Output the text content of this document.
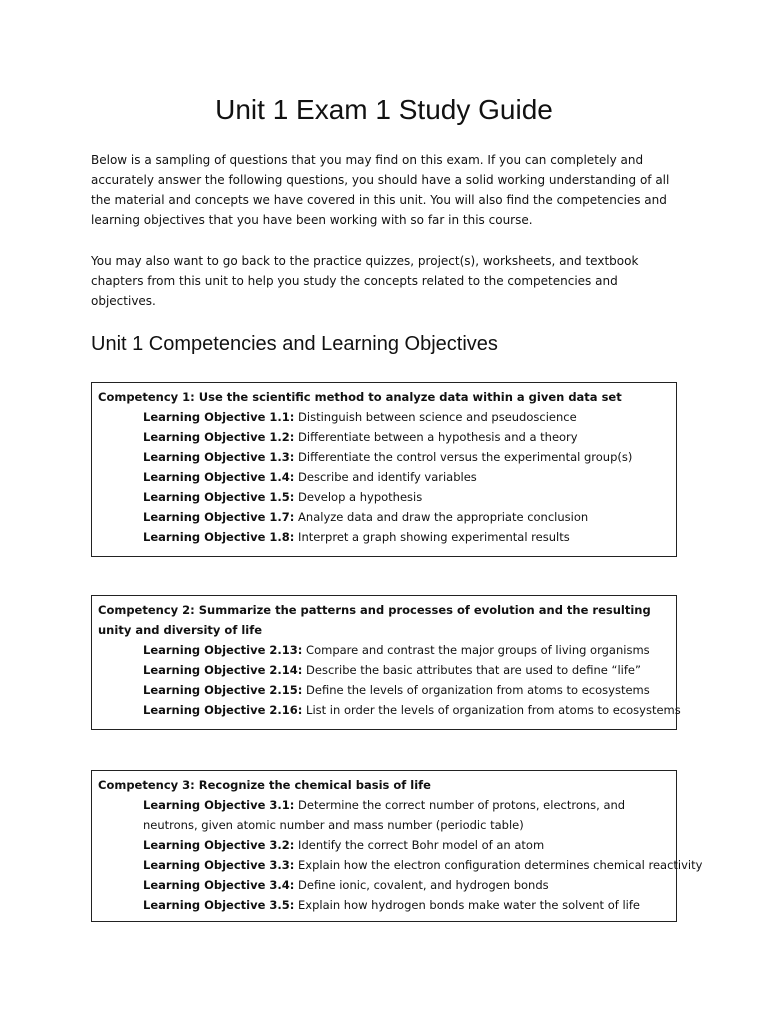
Unit 1 Exam 1 Study Guide
Below is a sampling of questions that you may find on this exam. If you can completely and accurately answer the following questions, you should have a solid working understanding of all the material and concepts we have covered in this unit. You will also find the competencies and learning objectives that you have been working with so far in this course.
You may also want to go back to the practice quizzes, project(s), worksheets, and textbook chapters from this unit to help you study the concepts related to the competencies and objectives.
Unit 1 Competencies and Learning Objectives
Competency 1: Use the scientific method to analyze data within a given data set
Learning Objective 1.1: Distinguish between science and pseudoscience
Learning Objective 1.2: Differentiate between a hypothesis and a theory
Learning Objective 1.3: Differentiate the control versus the experimental group(s)
Learning Objective 1.4: Describe and identify variables
Learning Objective 1.5: Develop a hypothesis
Learning Objective 1.7: Analyze data and draw the appropriate conclusion
Learning Objective 1.8: Interpret a graph showing experimental results
Competency 2: Summarize the patterns and processes of evolution and the resulting unity and diversity of life
Learning Objective 2.13: Compare and contrast the major groups of living organisms
Learning Objective 2.14: Describe the basic attributes that are used to define “life”
Learning Objective 2.15: Define the levels of organization from atoms to ecosystems
Learning Objective 2.16: List in order the levels of organization from atoms to ecosystems
Competency 3: Recognize the chemical basis of life
Learning Objective 3.1: Determine the correct number of protons, electrons, and neutrons, given atomic number and mass number (periodic table)
Learning Objective 3.2: Identify the correct Bohr model of an atom
Learning Objective 3.3: Explain how the electron configuration determines chemical reactivity
Learning Objective 3.4: Define ionic, covalent, and hydrogen bonds
Learning Objective 3.5: Explain how hydrogen bonds make water the solvent of life
